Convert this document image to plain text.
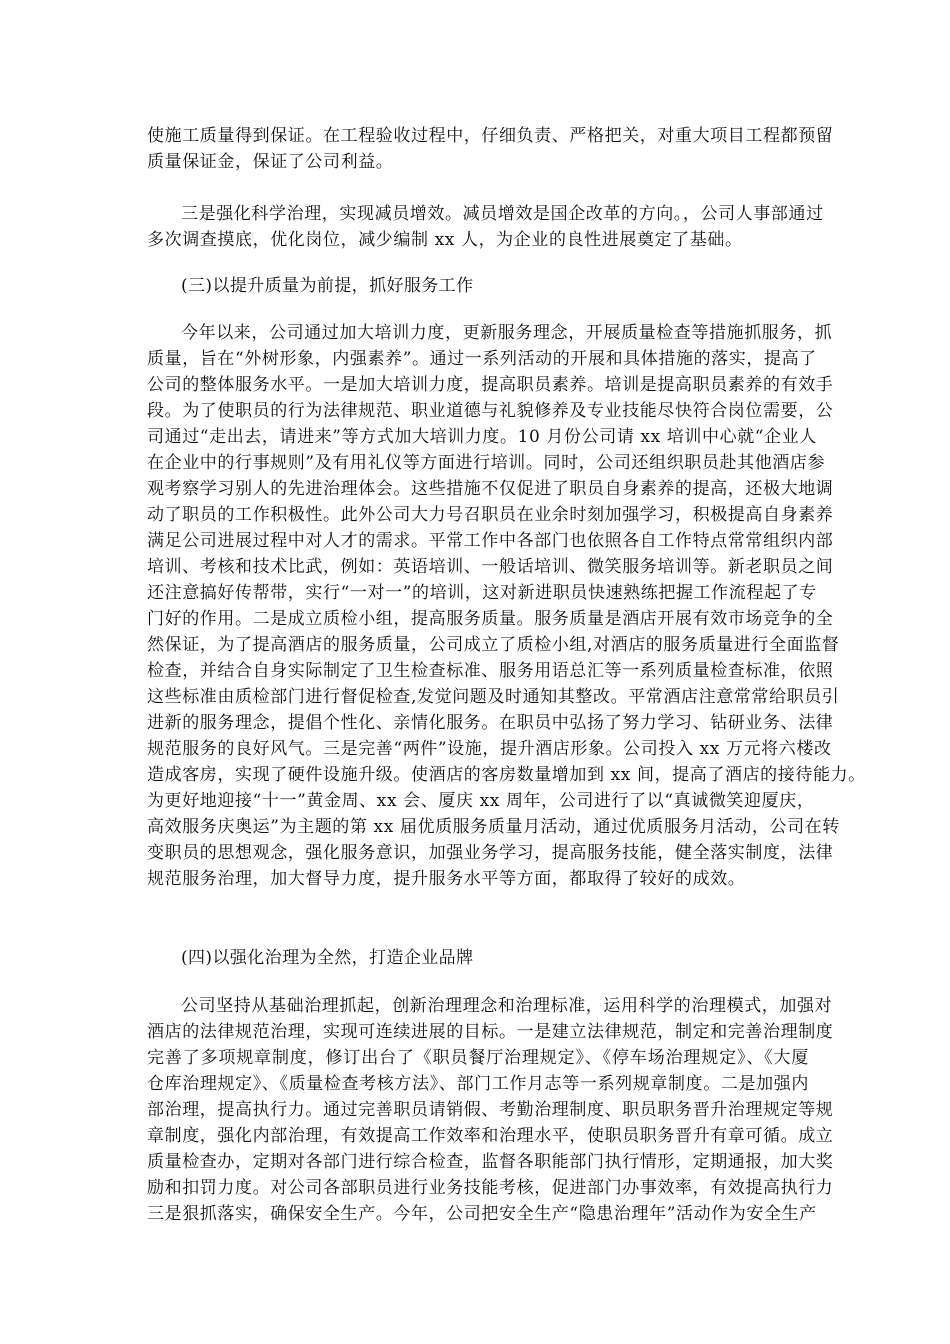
使施工质量得到保证。在工程验收过程中，仔细负责、严格把关，对重大项目工程都预留
质量保证金，保证了公司利益。
三是强化科学治理，实现减员增效。减员增效是国企改革的方向。，公司人事部通过
多次调查摸底，优化岗位，减少编制 xx 人，为企业的良性进展奠定了基础。
(三)以提升质量为前提，抓好服务工作
今年以来，公司通过加大培训力度，更新服务理念，开展质量检查等措施抓服务，抓
质量，旨在“外树形象，内强素养”。通过一系列活动的开展和具体措施的落实，提高了
公司的整体服务水平。一是加大培训力度，提高职员素养。培训是提高职员素养的有效手
段。为了使职员的行为法律规范、职业道德与礼貌修养及专业技能尽快符合岗位需要，公
司通过“走出去，请进来”等方式加大培训力度。10 月份公司请 xx 培训中心就“企业人
在企业中的行事规则”及有用礼仪等方面进行培训。同时，公司还组织职员赴其他酒店参
观考察学习别人的先进治理体会。这些措施不仅促进了职员自身素养的提高，还极大地调
动了职员的工作积极性。此外公司大力号召职员在业余时刻加强学习，积极提高自身素养
满足公司进展过程中对人才的需求。平常工作中各部门也依照各自工作特点常常组织内部
培训、考核和技术比武，例如：英语培训、一般话培训、微笑服务培训等。新老职员之间
还注意搞好传帮带，实行“一对一”的培训，这对新进职员快速熟练把握工作流程起了专
门好的作用。二是成立质检小组，提高服务质量。服务质量是酒店开展有效市场竞争的全
然保证，为了提高酒店的服务质量，公司成立了质检小组,对酒店的服务质量进行全面监督
检查，并结合自身实际制定了卫生检查标准、服务用语总汇等一系列质量检查标准，依照
这些标准由质检部门进行督促检查,发觉问题及时通知其整改。平常酒店注意常常给职员引
进新的服务理念，提倡个性化、亲情化服务。在职员中弘扬了努力学习、钻研业务、法律
规范服务的良好风气。三是完善“两件”设施，提升酒店形象。公司投入 xx 万元将六楼改
造成客房，实现了硬件设施升级。使酒店的客房数量增加到 xx 间，提高了酒店的接待能力。
为更好地迎接“十一”黄金周、xx 会、厦庆 xx 周年，公司进行了以“真诚微笑迎厦庆，
高效服务庆奥运”为主题的第 xx 届优质服务质量月活动，通过优质服务月活动，公司在转
变职员的思想观念，强化服务意识，加强业务学习，提高服务技能，健全落实制度，法律
规范服务治理，加大督导力度，提升服务水平等方面，都取得了较好的成效。
(四)以强化治理为全然，打造企业品牌
公司坚持从基础治理抓起，创新治理理念和治理标准，运用科学的治理模式，加强对
酒店的法律规范治理，实现可连续进展的目标。一是建立法律规范，制定和完善治理制度
完善了多项规章制度，修订出台了《职员餐厅治理规定》、《停车场治理规定》、《大厦
仓库治理规定》、《质量检查考核方法》、部门工作月志等一系列规章制度。二是加强内
部治理，提高执行力。通过完善职员请销假、考勤治理制度、职员职务晋升治理规定等规
章制度，强化内部治理，有效提高工作效率和治理水平，使职员职务晋升有章可循。成立
质量检查办，定期对各部门进行综合检查，监督各职能部门执行情形，定期通报，加大奖
励和扣罚力度。对公司各部职员进行业务技能考核，促进部门办事效率，有效提高执行力
三是狠抓落实，确保安全生产。今年，公司把安全生产“隐患治理年”活动作为安全生产
